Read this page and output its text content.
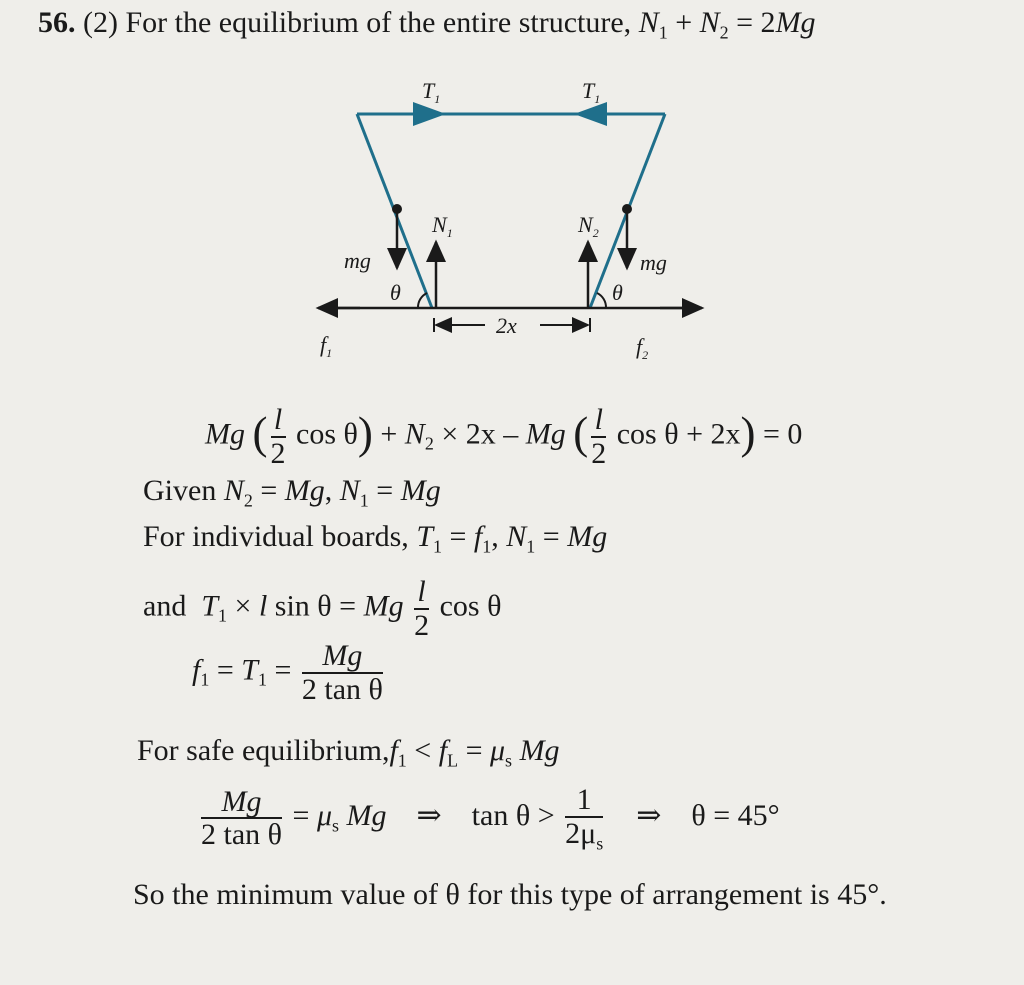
56. (2) For the equilibrium of the entire structure, $N_1 + N_2 = 2Mg$
$T_1$	$T_1$
$N_1$	$N_2$
mg	mg
θ	θ
2x
$f_1$	$f_2$
Mg ( $\frac{l}{2}$ $\cos \theta) + N_2 \times 2x - Mg$ ( $\frac{l}{2}$ cos θ + 2x) = 0
Given $N_2 = Mg$, $N_1 = Mg$
For individual boards, $T_1 = f_1$, $N_1 = Mg$
and $T_1 \times l$ sin θ = Mg $\frac{l}{2}$ cos θ
$f_1 = T_1 = \frac{Mg}{\text{2 tan θ}}$
For safe $equilibrium,f_1 < f_L = \mu_s$ Mg
$\frac{Mg}{\text{2 tan θ}} = \mu_s$ Mg ⇒ $\tan \theta > \frac{1}{2\mu_s}$ ⇒ θ = 45°
So the minimum value of θ for this type of arrangement is 45°.
